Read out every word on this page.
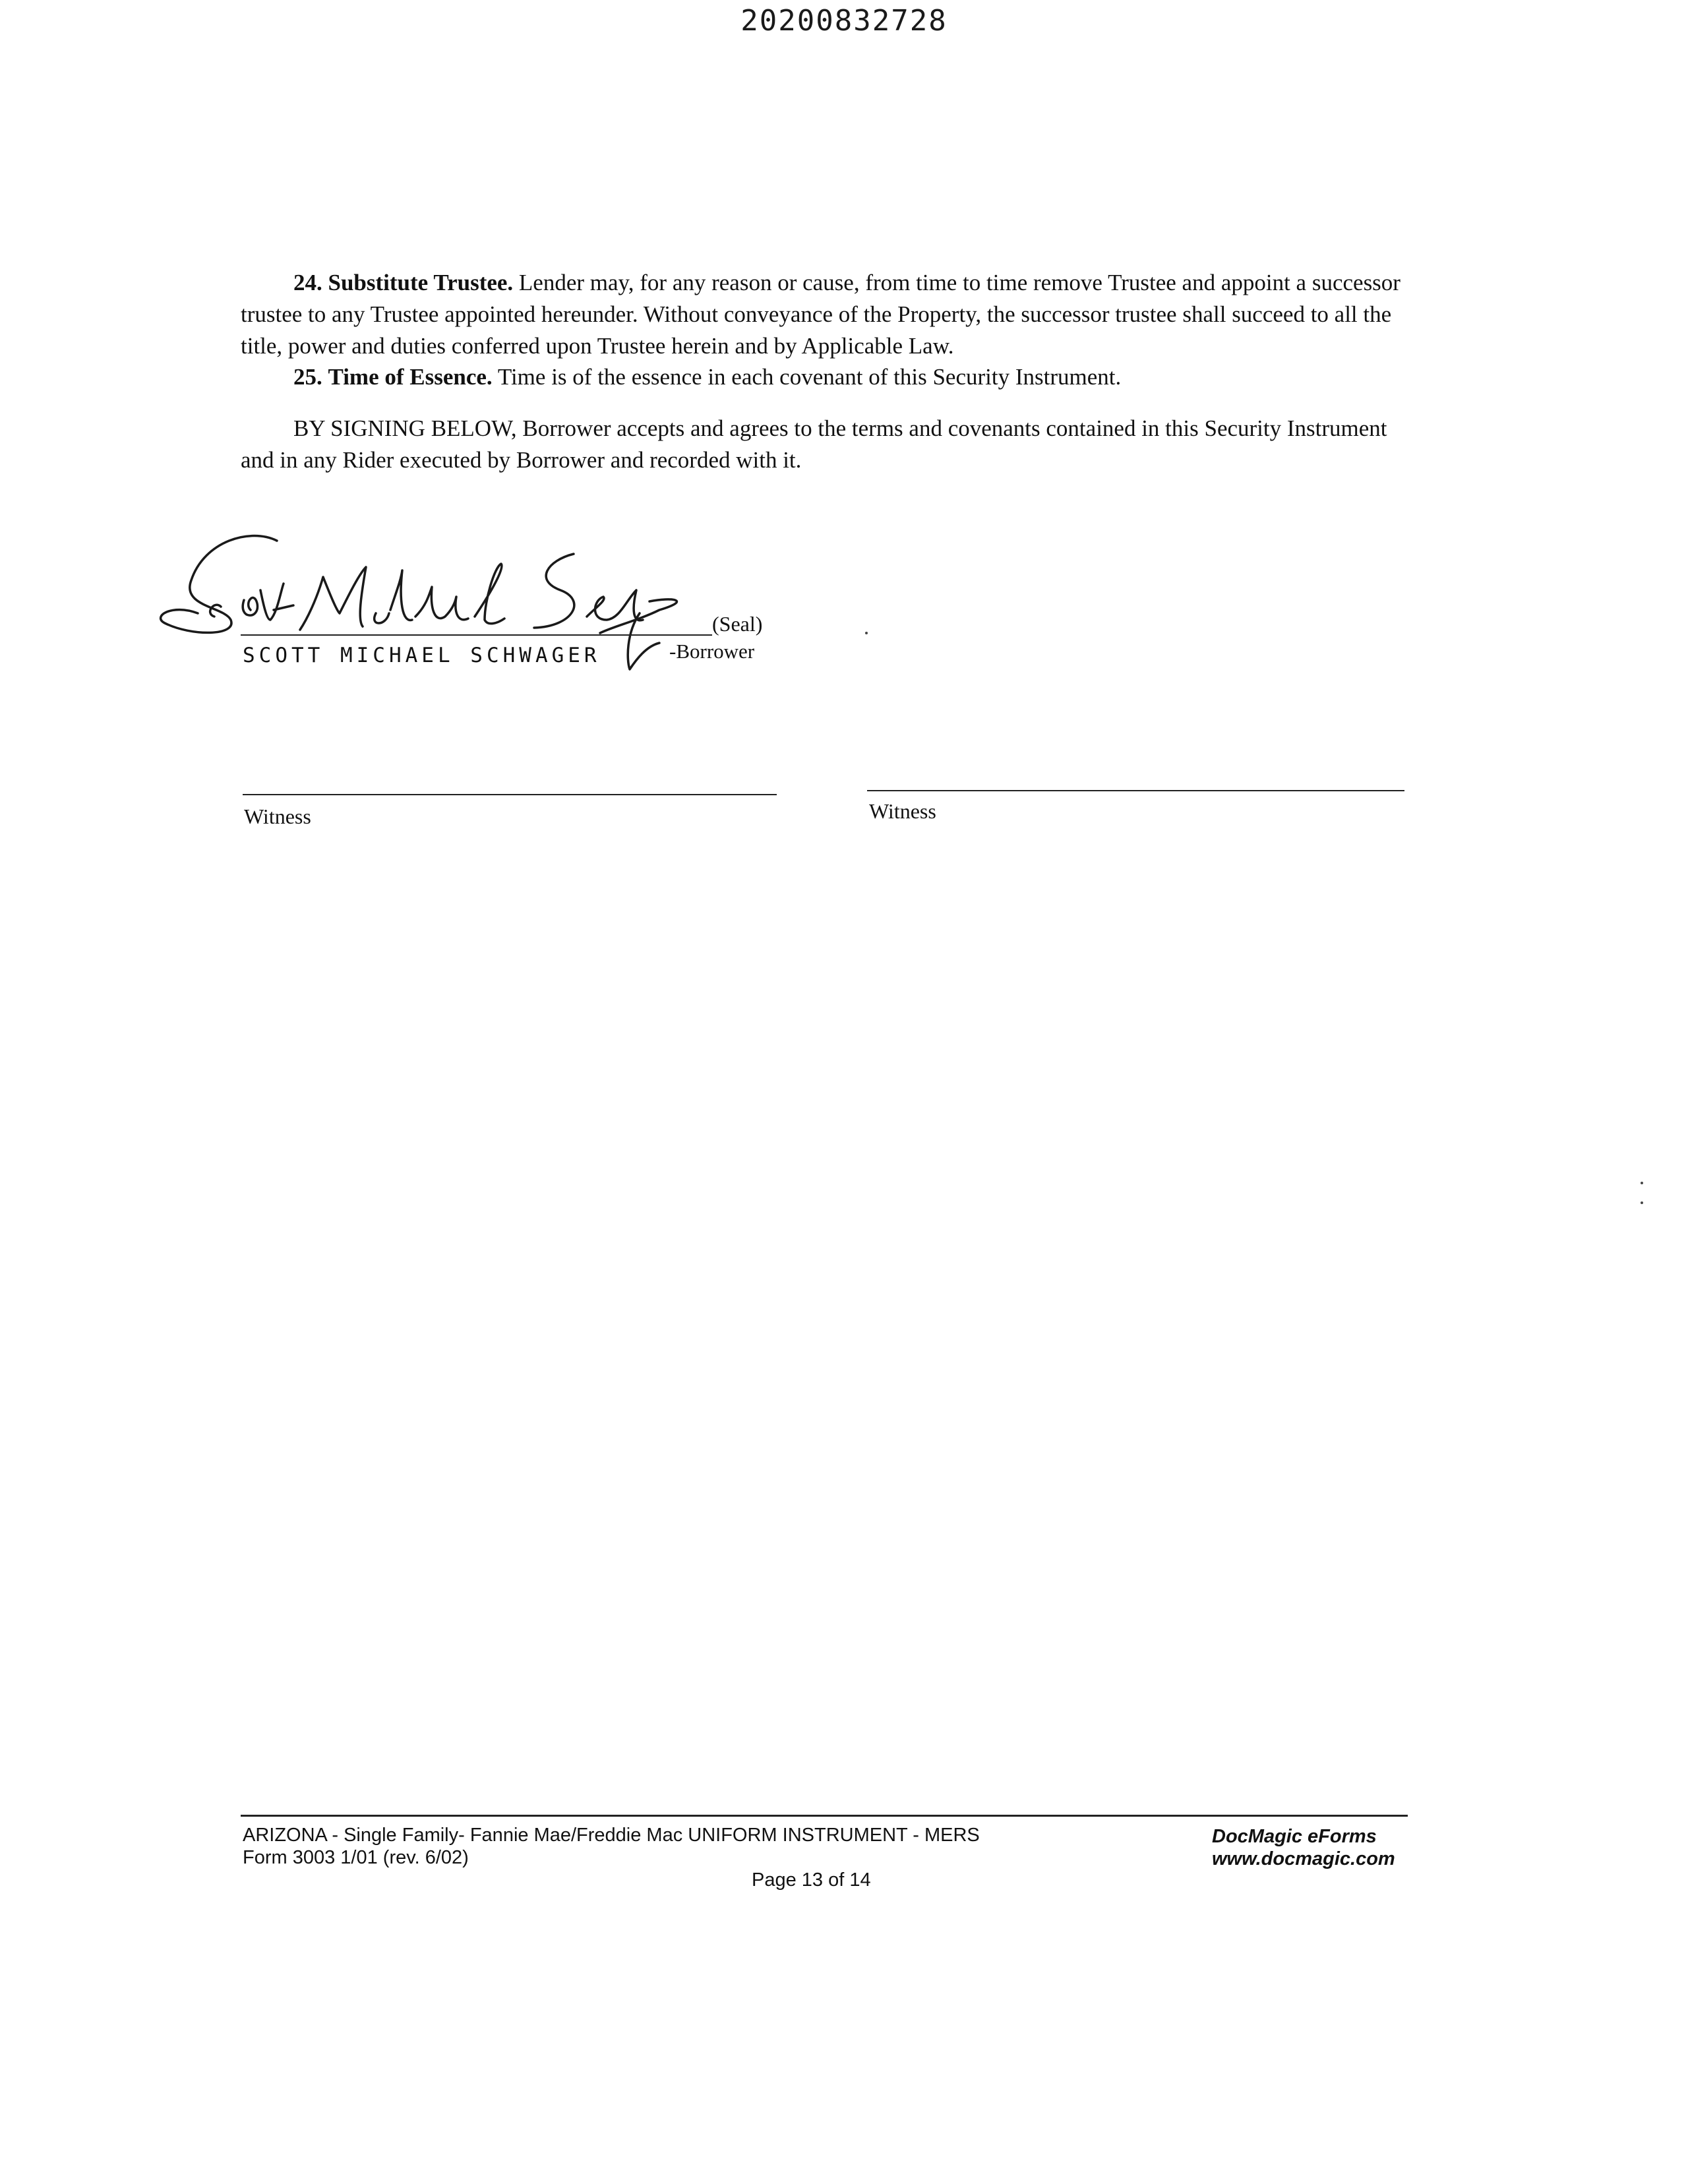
20200832728
24. Substitute Trustee. Lender may, for any reason or cause, from time to time remove Trustee and appoint a successor trustee to any Trustee appointed hereunder. Without conveyance of the Property, the successor trustee shall succeed to all the title, power and duties conferred upon Trustee herein and by Applicable Law.
25. Time of Essence. Time is of the essence in each covenant of this Security Instrument.
BY SIGNING BELOW, Borrower accepts and agrees to the terms and covenants contained in this Security Instrument and in any Rider executed by Borrower and recorded with it.
(Seal)
SCOTT MICHAEL SCHWAGER	-Borrower
Witness	Witness
ARIZONA - Single Family- Fannie Mae/Freddie Mac UNIFORM INSTRUMENT - MERS
Form 3003 1/01 (rev. 6/02)
Page 13 of 14
DocMagic eForms
www.docmagic.com
